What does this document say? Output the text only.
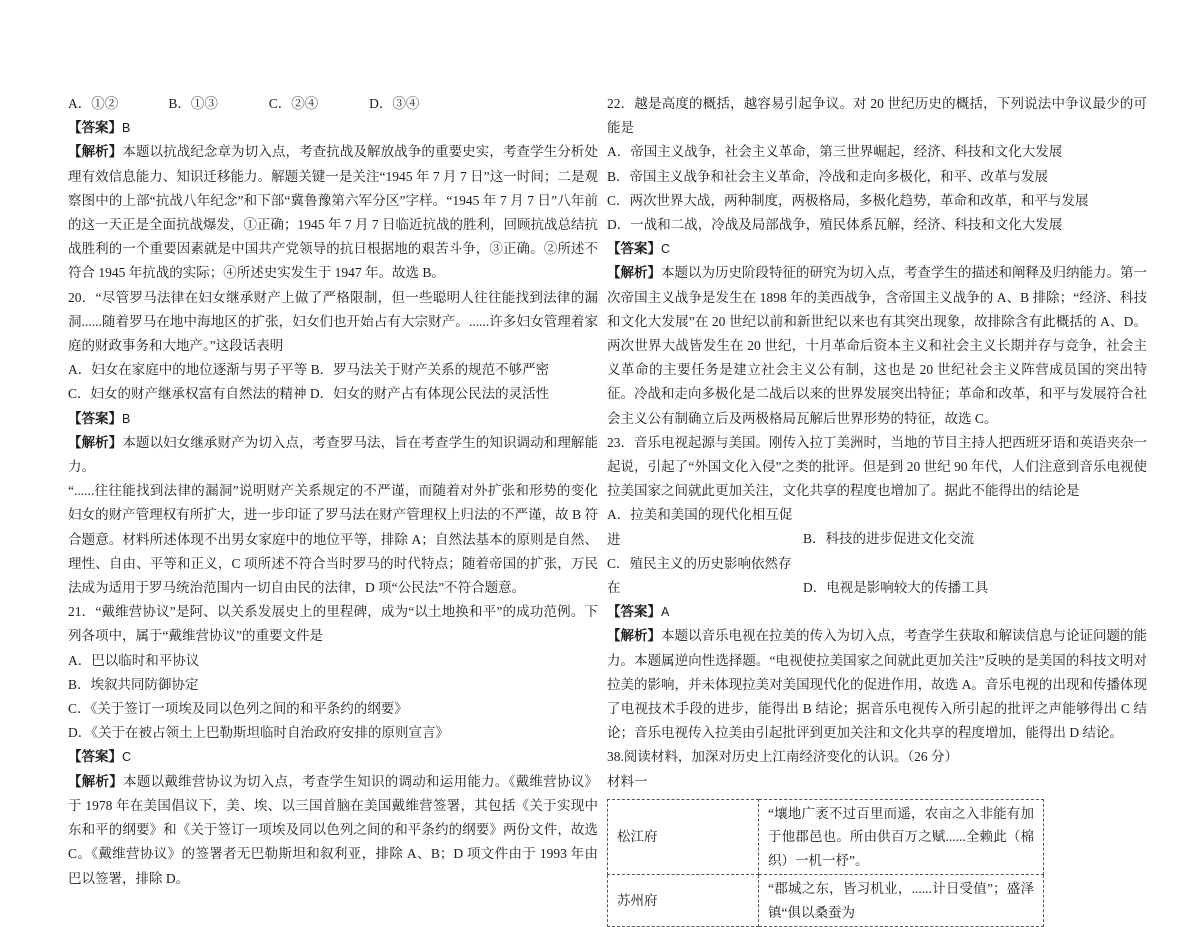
A．①②	B．①③	C．②④	D．③④

【答案】B

【解析】本题以抗战纪念章为切入点，考查抗战及解放战争的重要史实，考查学生分析处理有效信息能力、知识迁移能力。解题关键一是关注“1945 年 7 月 7 日”这一时间；二是观察图中的上部“抗战八年纪念”和下部“冀鲁豫第六军分区”字样。“1945 年 7 月 7 日”八年前的这一天正是全面抗战爆发，①正确；1945 年 7 月 7 日临近抗战的胜利，回顾抗战总结抗战胜利的一个重要因素就是中国共产党领导的抗日根据地的艰苦斗争，③正确。②所述不符合 1945 年抗战的实际；④所述史实发生于 1947 年。故选 B。

20．“尽管罗马法律在妇女继承财产上做了严格限制，但一些聪明人往往能找到法律的漏洞......随着罗马在地中海地区的扩张，妇女们也开始占有大宗财产。......许多妇女管理着家庭的财政事务和大地产。”这段话表明

A．妇女在家庭中的地位逐渐与男子平等 B．罗马法关于财产关系的规范不够严密

C．妇女的财产继承权富有自然法的精神 D．妇女的财产占有体现公民法的灵活性

【答案】B

【解析】本题以妇女继承财产为切入点，考查罗马法，旨在考查学生的知识调动和理解能力。

“......往往能找到法律的漏洞”说明财产关系规定的不严谨，而随着对外扩张和形势的变化妇女的财产管理权有所扩大，进一步印证了罗马法在财产管理权上归法的不严谨，故 B 符合题意。材料所述体现不出男女家庭中的地位平等，排除 A；自然法基本的原则是自然、理性、自由、平等和正义，C 项所述不符合当时罗马的时代特点；随着帝国的扩张，万民法成为适用于罗马统治范围内一切自由民的法律，D 项“公民法”不符合题意。

21．“戴维营协议”是阿、以关系发展史上的里程碑，成为“以土地换和平”的成功范例。下列各项中，属于“戴维营协议”的重要文件是

A．巴以临时和平协议

B．埃叙共同防御协定

C．《关于签订一项埃及同以色列之间的和平条约的纲要》

D．《关于在被占领土上巴勒斯坦临时自治政府安排的原则宣言》

【答案】C

【解析】本题以戴维营协议为切入点，考查学生知识的调动和运用能力。《戴维营协议》于 1978 年在美国倡议下，美、埃、以三国首脑在美国戴维营签署，其包括《关于实现中东和平的纲要》和《关于签订一项埃及同以色列之间的和平条约的纲要》两份文件，故选 C。《戴维营协议》的签署者无巴勒斯坦和叙利亚，排除 A、B；D 项文件由于 1993 年由 巴以签署，排除 D。

22．越是高度的概括，越容易引起争议。对 20 世纪历史的概括，下列说法中争议最少的可能是

A．帝国主义战争，社会主义革命，第三世界崛起，经济、科技和文化大发展

B．帝国主义战争和社会主义革命，冷战和走向多极化，和平、改革与发展

C．两次世界大战，两种制度，两极格局，多极化趋势，革命和改革，和平与发展

D．一战和二战，冷战及局部战争，殖民体系瓦解，经济、科技和文化大发展

【答案】C

【解析】本题以为历史阶段特征的研究为切入点，考查学生的描述和阐释及归纳能力。第一次帝国主义战争是发生在 1898 年的美西战争，含帝国主义战争的 A、B 排除；“经济、科技和文化大发展”在 20 世纪以前和新世纪以来也有其突出现象，故排除含有此概括的 A、D。两次世界大战皆发生在 20 世纪，十月革命后资本主义和社会主义长期并存与竞争，社会主义革命的主要任务是建立社会主义公有制，这也是 20 世纪社会主义阵营成员国的突出特征。冷战和走向多极化是二战后以来的世界发展突出特征；革命和改革，和平与发展符合社会主义公有制确立后及两极格局瓦解后世界形势的特征，故选 C。

23．音乐电视起源与美国。刚传入拉丁美洲时，当地的节目主持人把西班牙语和英语夹杂一起说，引起了“外国文化入侵”之类的批评。但是到 20 世纪 90 年代，人们注意到音乐电视使拉美国家之间就此更加关注，文化共享的程度也增加了。据此不能得出的结论是

A．拉美和美国的现代化相互促进	B．科技的进步促进文化交流

C．殖民主义的历史影响依然存在	D．电视是影响较大的传播工具

【答案】A

【解析】本题以音乐电视在拉美的传入为切入点，考查学生获取和解读信息与论证问题的能力。本题属逆向性选择题。“电视使拉美国家之间就此更加关注”反映的是美国的科技文明对拉美的影响，并未体现拉美对美国现代化的促进作用，故选 A。音乐电视的出现和传播体现了电视技术手段的进步，能得出 B 结论；据音乐电视传入所引起的批评之声能够得出 C 结论；音乐电视传入拉美由引起批评到更加关注和文化共享的程度增加，能得出 D 结论。

38.阅读材料，加深对历史上江南经济变化的认识。（26 分）

材料一

松江府	“壤地广袤不过百里而遥，农亩之入非能有加于他郡邑也。所由供百万之赋......全赖此（棉织）一机一杼”。
苏州府	“郡城之东，皆习机业，......计日受值”；盛泽镇“俱以桑蚕为
